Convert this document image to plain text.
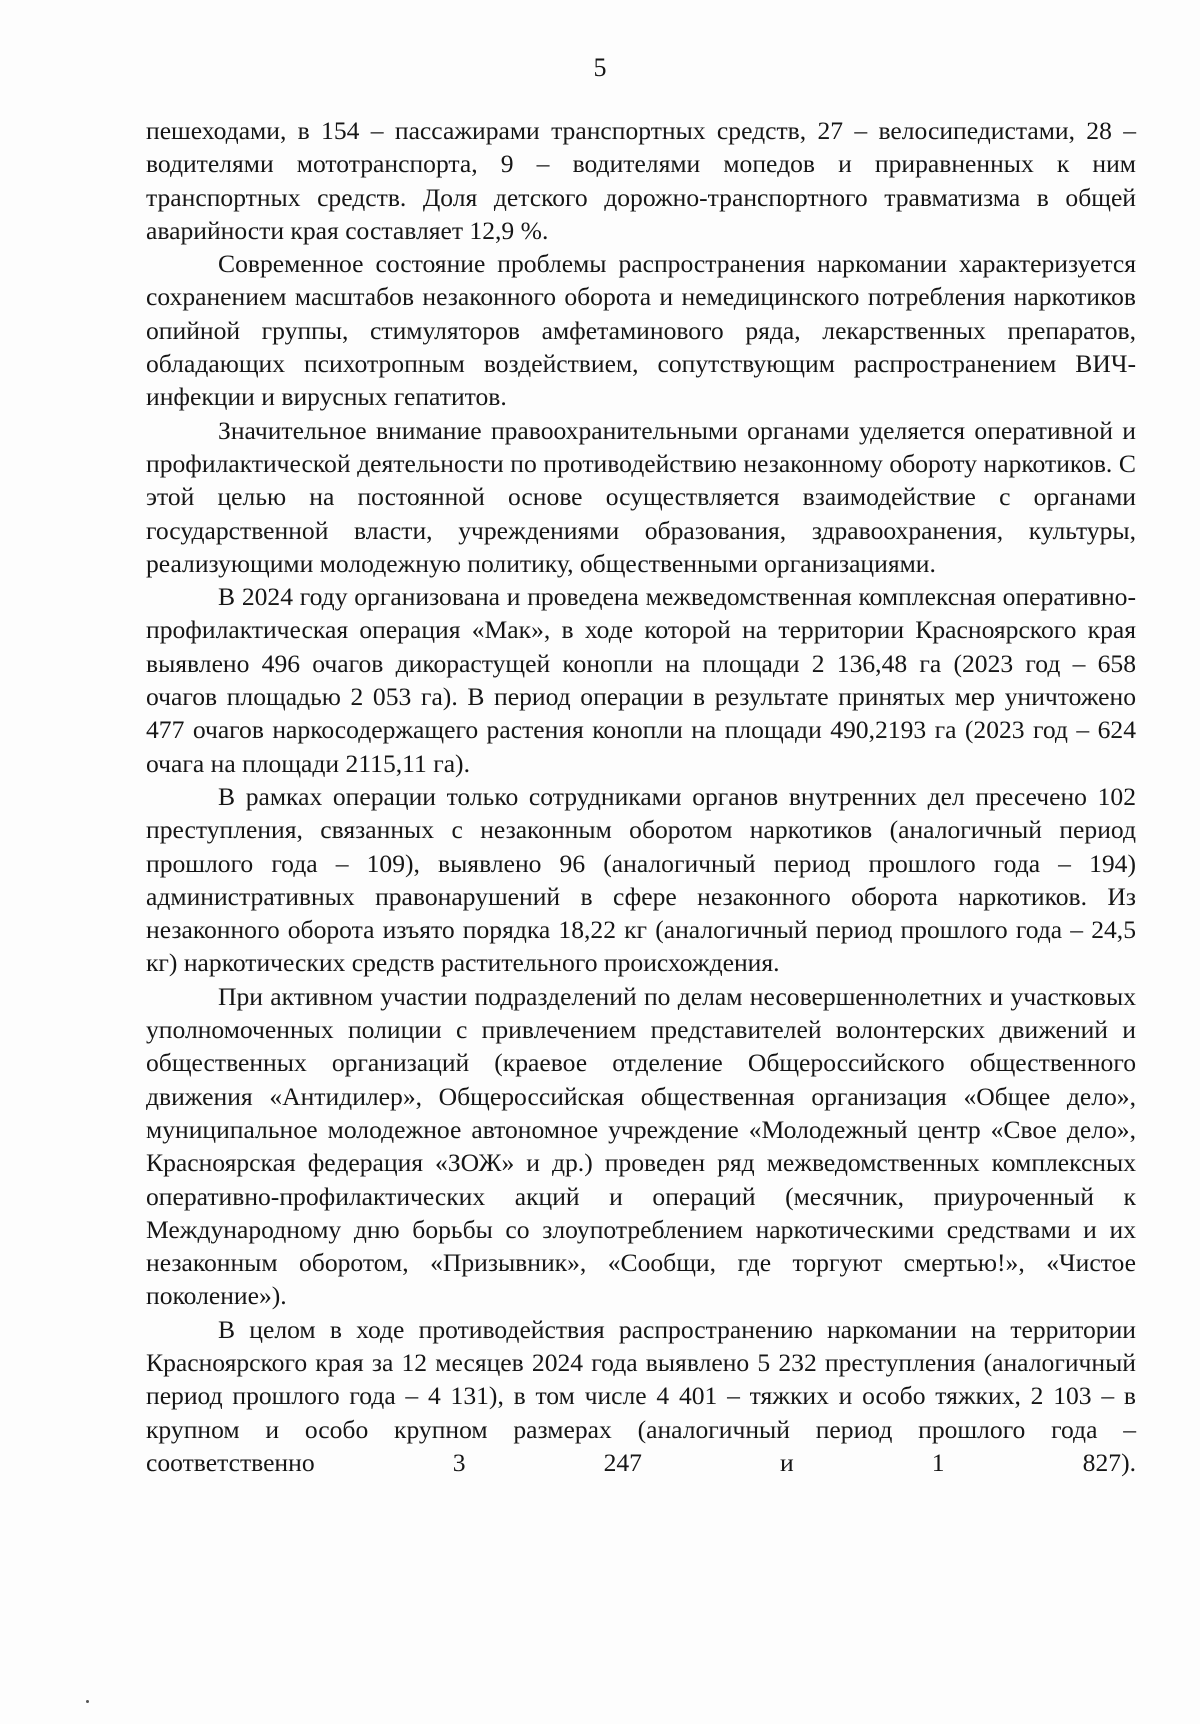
5

пешеходами, в 154 – пассажирами транспортных средств, 27 – велосипедистами, 28 – водителями мототранспорта, 9 – водителями мопедов и приравненных к ним транспортных средств. Доля детского дорожно-транспортного травматизма в общей аварийности края составляет 12,9 %.

Современное состояние проблемы распространения наркомании характеризуется сохранением масштабов незаконного оборота и немедицинского потребления наркотиков опийной группы, стимуляторов амфетаминового ряда, лекарственных препаратов, обладающих психотропным воздействием, сопутствующим распространением ВИЧ-инфекции и вирусных гепатитов.

Значительное внимание правоохранительными органами уделяется оперативной и профилактической деятельности по противодействию незаконному обороту наркотиков. С этой целью на постоянной основе осуществляется взаимодействие с органами государственной власти, учреждениями образования, здравоохранения, культуры, реализующими молодежную политику, общественными организациями.

В 2024 году организована и проведена межведомственная комплексная оперативно-профилактическая операция «Мак», в ходе которой на территории Красноярского края выявлено 496 очагов дикорастущей конопли на площади 2 136,48 га (2023 год – 658 очагов площадью 2 053 га). В период операции в результате принятых мер уничтожено 477 очагов наркосодержащего растения конопли на площади 490,2193 га (2023 год – 624 очага на площади 2115,11 га).

В рамках операции только сотрудниками органов внутренних дел пресечено 102 преступления, связанных с незаконным оборотом наркотиков (аналогичный период прошлого года – 109), выявлено 96 (аналогичный период прошлого года – 194) административных правонарушений в сфере незаконного оборота наркотиков. Из незаконного оборота изъято порядка 18,22 кг (аналогичный период прошлого года – 24,5 кг) наркотических средств растительного происхождения.

При активном участии подразделений по делам несовершеннолетних и участковых уполномоченных полиции с привлечением представителей волонтерских движений и общественных организаций (краевое отделение Общероссийского общественного движения «Антидилер», Общероссийская общественная организация «Общее дело», муниципальное молодежное автономное учреждение «Молодежный центр «Свое дело», Красноярская федерация «ЗОЖ» и др.) проведен ряд межведомственных комплексных оперативно-профилактических акций и операций (месячник, приуроченный к Международному дню борьбы со злоупотреблением наркотическими средствами и их незаконным оборотом, «Призывник», «Сообщи, где торгуют смертью!», «Чистое поколение»).

В целом в ходе противодействия распространению наркомании на территории Красноярского края за 12 месяцев 2024 года выявлено 5 232 преступления (аналогичный период прошлого года – 4 131), в том числе 4 401 – тяжких и особо тяжких, 2 103 – в крупном и особо крупном размерах (аналогичный период прошлого года – соответственно 3 247 и 1 827).
